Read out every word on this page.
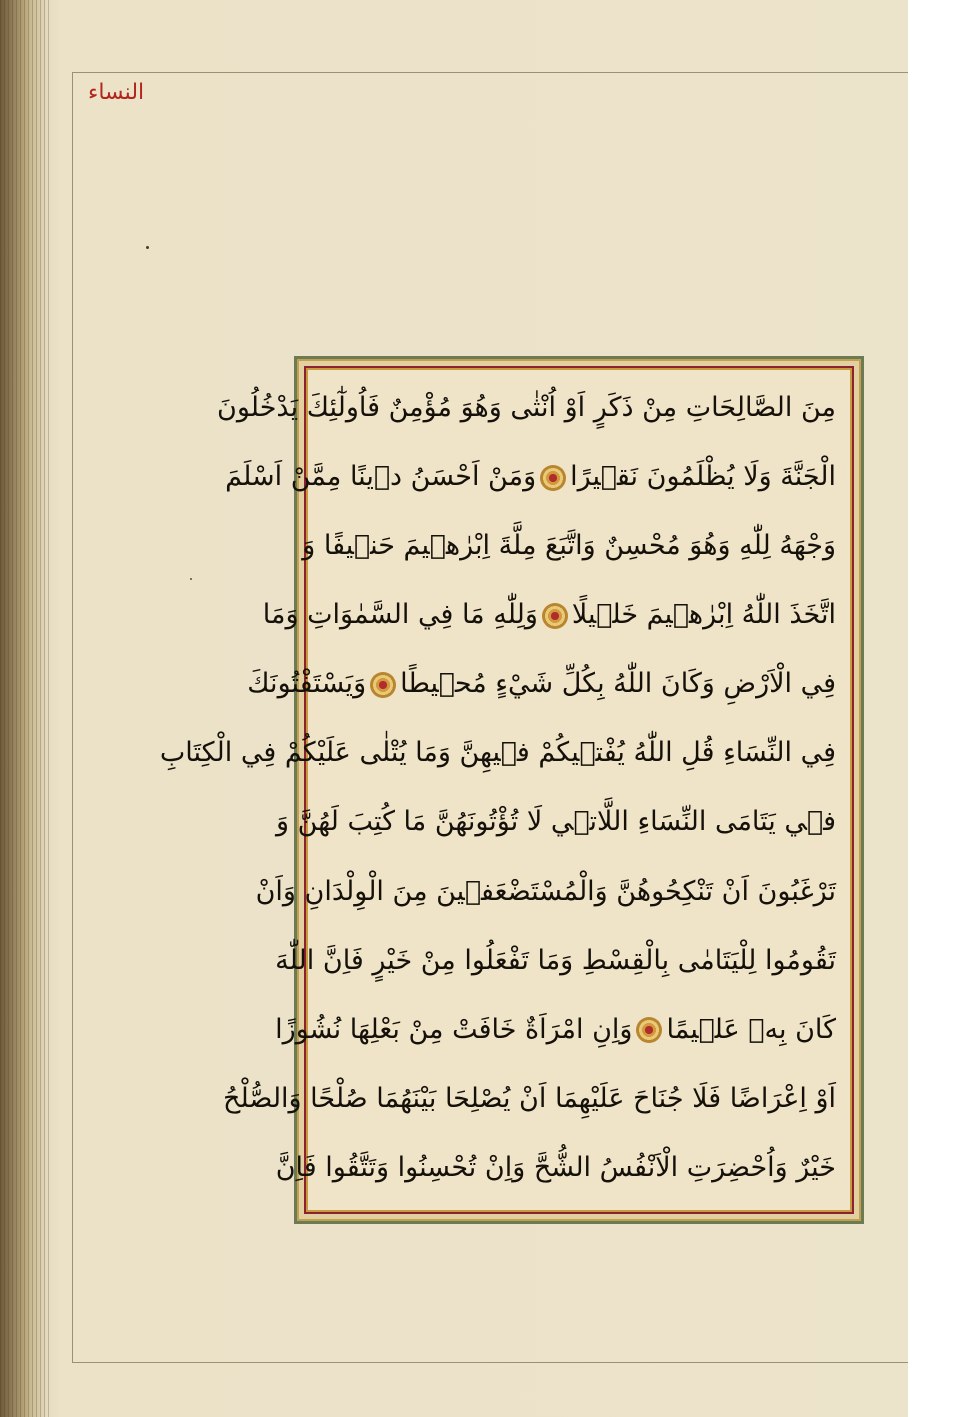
النساء
مِنَ الصَّالِحَاتِ مِنْ ذَكَرٍ اَوْ اُنْثٰى وَهُوَ مُؤْمِنٌ فَاُولٰٓئِكَ يَدْخُلُونَ
الْجَنَّةَ وَلَا يُظْلَمُونَ نَقٖيرًاوَمَنْ اَحْسَنُ دٖينًا مِمَّنْ اَسْلَمَ
وَجْهَهُ لِلّٰهِ وَهُوَ مُحْسِنٌ وَاتَّبَعَ مِلَّةَ اِبْرٰهٖيمَ حَنٖيفًا وَ
اتَّخَذَ اللّٰهُ اِبْرٰهٖيمَ خَلٖيلًاوَلِلّٰهِ مَا فِي السَّمٰوَاتِ وَمَا
فِي الْاَرْضِ وَكَانَ اللّٰهُ بِكُلِّ شَيْءٍ مُحٖيطًاوَيَسْتَفْتُونَكَ
فِي النِّسَاءِ قُلِ اللّٰهُ يُفْتٖيكُمْ فٖيهِنَّ وَمَا يُتْلٰى عَلَيْكُمْ فِي الْكِتَابِ
فٖي يَتَامَى النِّسَاءِ اللَّاتٖي لَا تُؤْتُونَهُنَّ مَا كُتِبَ لَهُنَّ وَ
تَرْغَبُونَ اَنْ تَنْكِحُوهُنَّ وَالْمُسْتَضْعَفٖينَ مِنَ الْوِلْدَانِ وَاَنْ
تَقُومُوا لِلْيَتَامٰى بِالْقِسْطِ وَمَا تَفْعَلُوا مِنْ خَيْرٍ فَاِنَّ اللّٰهَ
كَانَ بِهٖ عَلٖيمًاوَاِنِ امْرَاَةٌ خَافَتْ مِنْ بَعْلِهَا نُشُوزًا
اَوْ اِعْرَاضًا فَلَا جُنَاحَ عَلَيْهِمَا اَنْ يُصْلِحَا بَيْنَهُمَا صُلْحًا وَالصُّلْحُ
خَيْرٌ وَاُحْضِرَتِ الْاَنْفُسُ الشُّحَّ وَاِنْ تُحْسِنُوا وَتَتَّقُوا فَاِنَّ
